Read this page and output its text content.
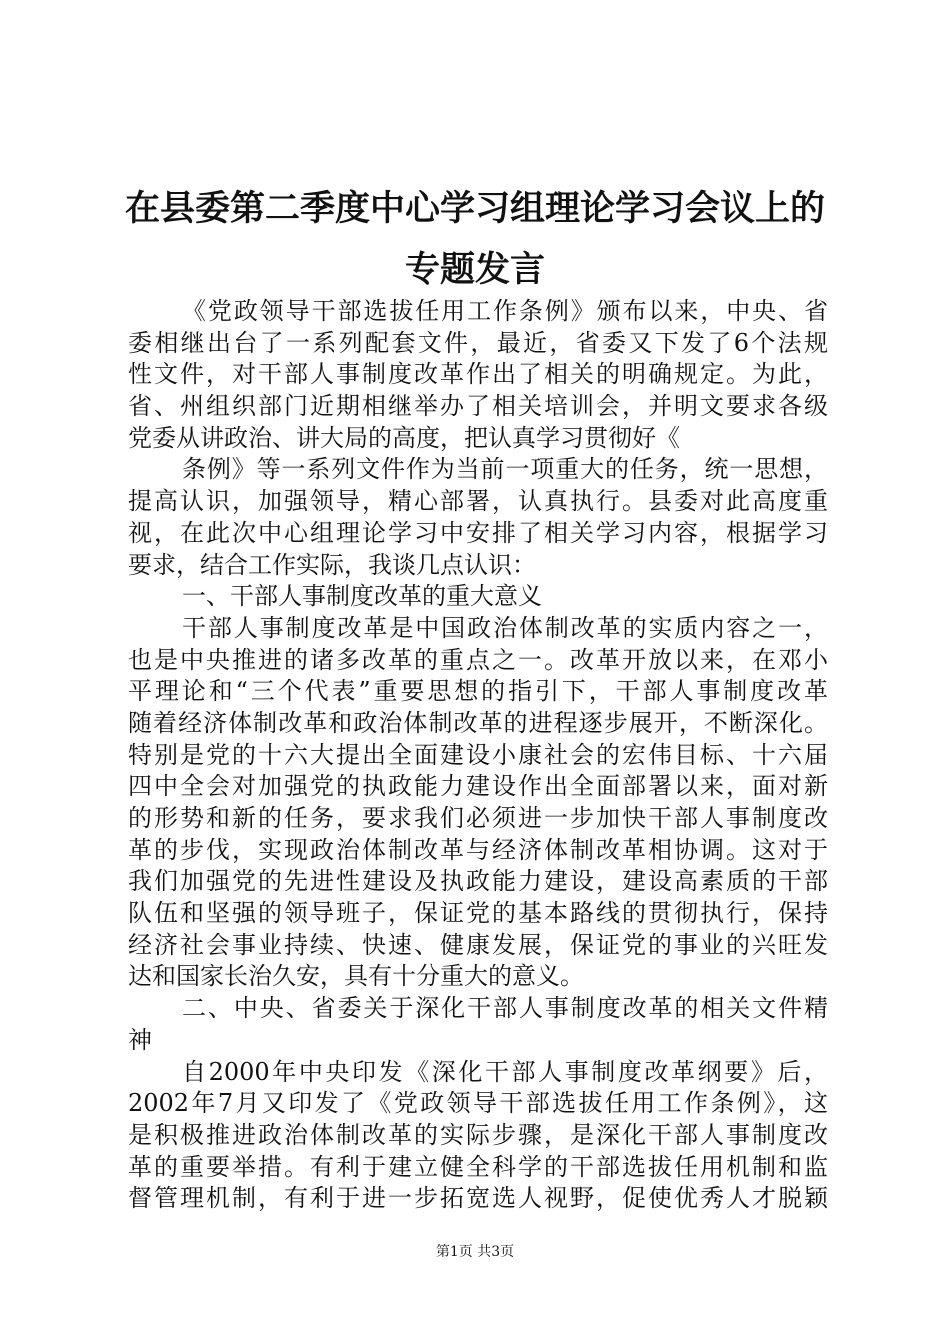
在县委第二季度中心学习组理论学习会议上的
专题发言
《党政领导干部选拔任用工作条例》颁布以来，中央、省
委相继出台了一系列配套文件，最近，省委又下发了6个法规
性文件，对干部人事制度改革作出了相关的明确规定。为此，
省、州组织部门近期相继举办了相关培训会，并明文要求各级
党委从讲政治、讲大局的高度，把认真学习贯彻好《
条例》等一系列文件作为当前一项重大的任务，统一思想，
提高认识，加强领导，精心部署，认真执行。县委对此高度重
视，在此次中心组理论学习中安排了相关学习内容，根据学习
要求，结合工作实际，我谈几点认识：
一、干部人事制度改革的重大意义
干部人事制度改革是中国政治体制改革的实质内容之一，
也是中央推进的诸多改革的重点之一。改革开放以来，在邓小
平理论和“三个代表”重要思想的指引下，干部人事制度改革
随着经济体制改革和政治体制改革的进程逐步展开，不断深化。
特别是党的十六大提出全面建设小康社会的宏伟目标、十六届
四中全会对加强党的执政能力建设作出全面部署以来，面对新
的形势和新的任务，要求我们必须进一步加快干部人事制度改
革的步伐，实现政治体制改革与经济体制改革相协调。这对于
我们加强党的先进性建设及执政能力建设，建设高素质的干部
队伍和坚强的领导班子，保证党的基本路线的贯彻执行，保持
经济社会事业持续、快速、健康发展，保证党的事业的兴旺发
达和国家长治久安，具有十分重大的意义。
二、中央、省委关于深化干部人事制度改革的相关文件精
神
自2000年中央印发《深化干部人事制度改革纲要》后，
2002年7月又印发了《党政领导干部选拔任用工作条例》，这
是积极推进政治体制改革的实际步骤，是深化干部人事制度改
革的重要举措。有利于建立健全科学的干部选拔任用机制和监
督管理机制，有利于进一步拓宽选人视野，促使优秀人才脱颖
第1页 共3页
